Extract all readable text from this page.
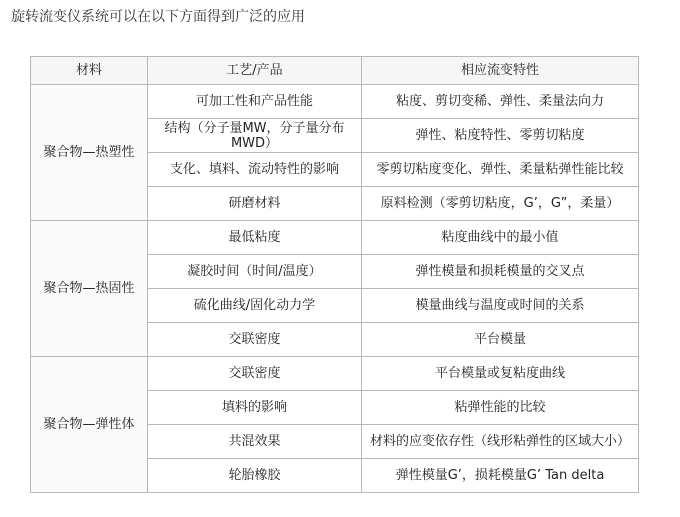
旋转流变仪系统可以在以下方面得到广泛的应用
材料	工艺/产品	相应流变特性
聚合物—热塑性	可加工性和产品性能	粘度、剪切变稀、弹性、柔量法向力
	结构（分子量MW，分子量分布MWD）	弹性、粘度特性、零剪切粘度
	支化、填料、流动特性的影响	零剪切粘度变化、弹性、柔量粘弹性能比较
	研磨材料	原料检测（零剪切粘度，G’，G”，柔量）
聚合物—热固性	最低粘度	粘度曲线中的最小值
	凝胶时间（时间/温度）	弹性模量和损耗模量的交叉点
	硫化曲线/固化动力学	模量曲线与温度或时间的关系
	交联密度	平台模量
聚合物—弹性体	交联密度	平台模量或复粘度曲线
	填料的影响	粘弹性能的比较
	共混效果	材料的应变依存性（线形粘弹性的区域大小）
	轮胎橡胶	弹性模量G’，损耗模量G’ Tan delta
